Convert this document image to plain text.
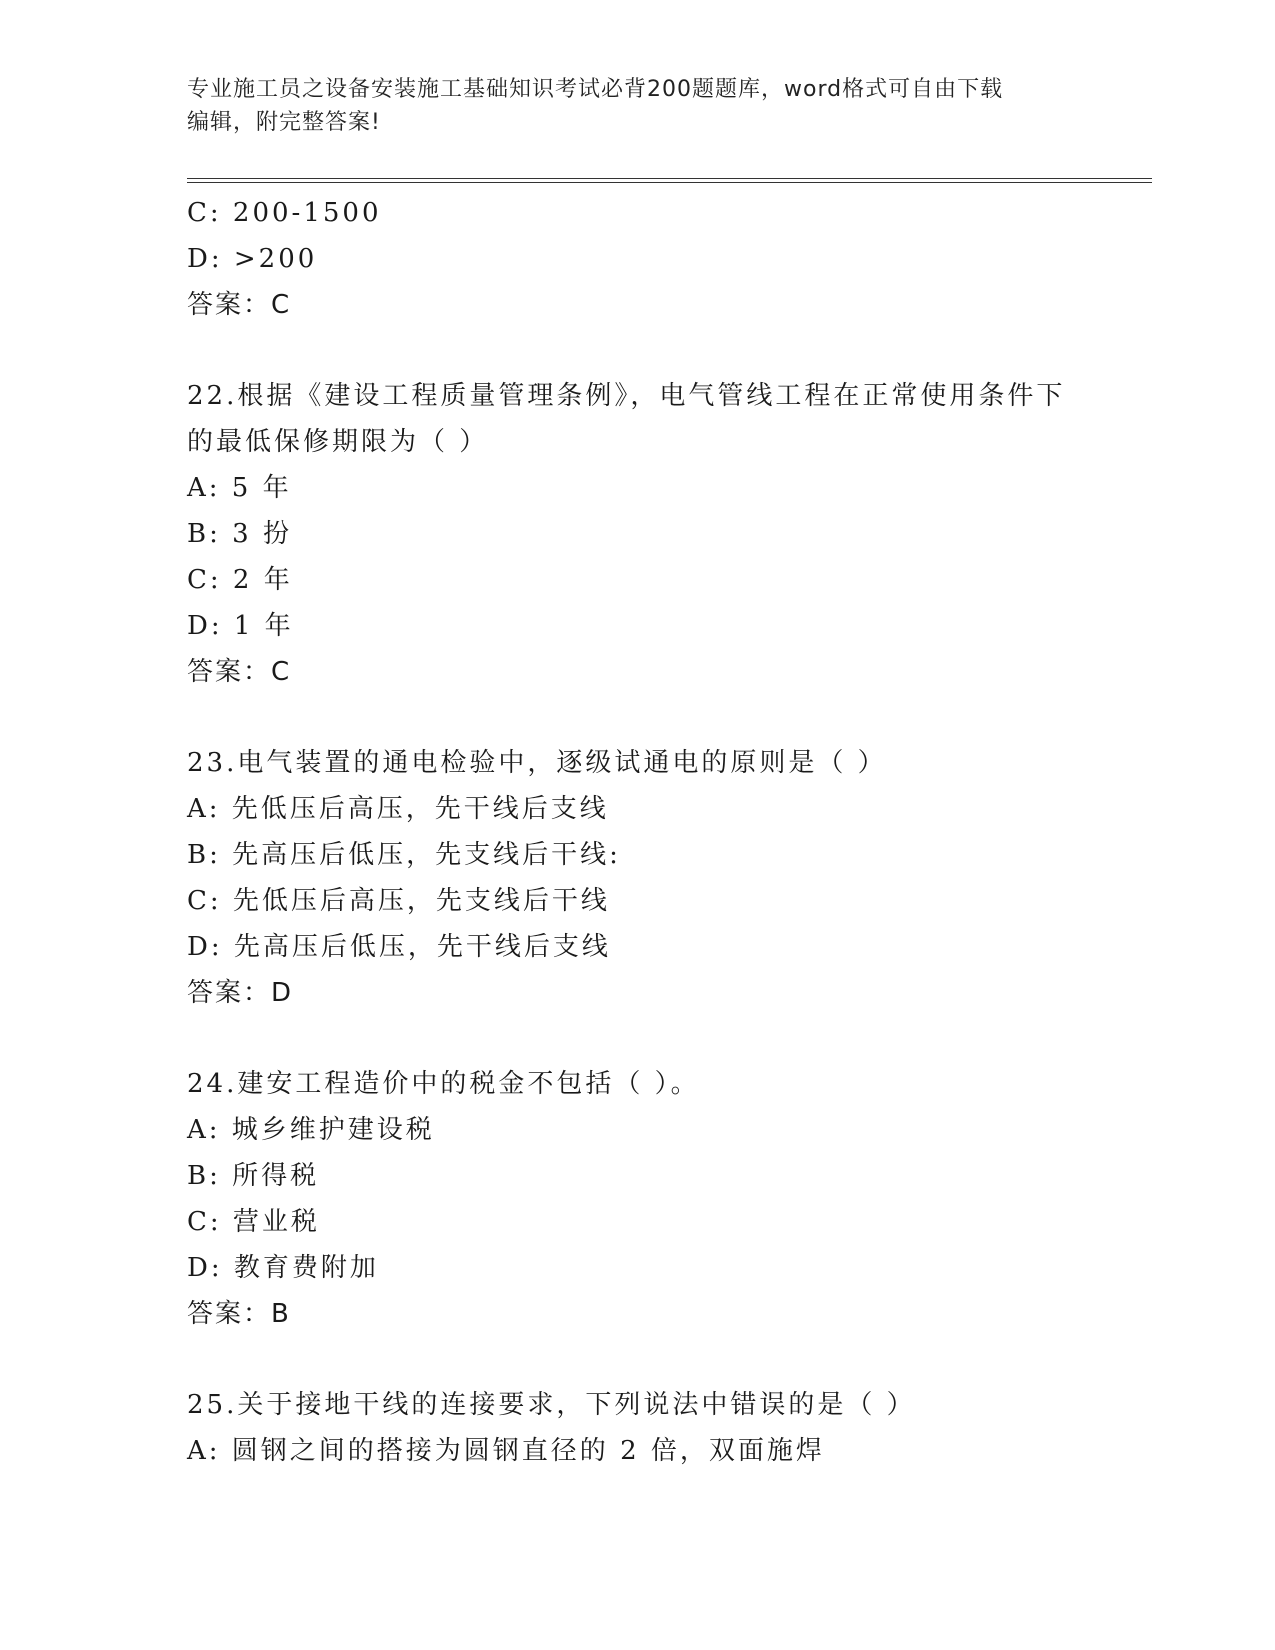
专业施工员之设备安装施工基础知识考试必背200题题库，word格式可自由下载
编辑，附完整答案!
C: 200-1500
D: >200
答案：C
22.根据《建设工程质量管理条例》，电气管线工程在正常使用条件下
的最低保修期限为（ ）
A: 5 年
B: 3 扮
C: 2 年
D: 1 年
答案：C
23.电气装置的通电检验中，逐级试通电的原则是（ ）
A: 先低压后高压，先干线后支线
B: 先高压后低压，先支线后干线:
C: 先低压后高压，先支线后干线
D: 先高压后低压，先干线后支线
答案：D
24.建安工程造价中的税金不包括（ ）。
A: 城乡维护建设税
B: 所得税
C: 营业税
D: 教育费附加
答案：B
25.关于接地干线的连接要求，下列说法中错误的是（ ）
A: 圆钢之间的搭接为圆钢直径的 2 倍，双面施焊
